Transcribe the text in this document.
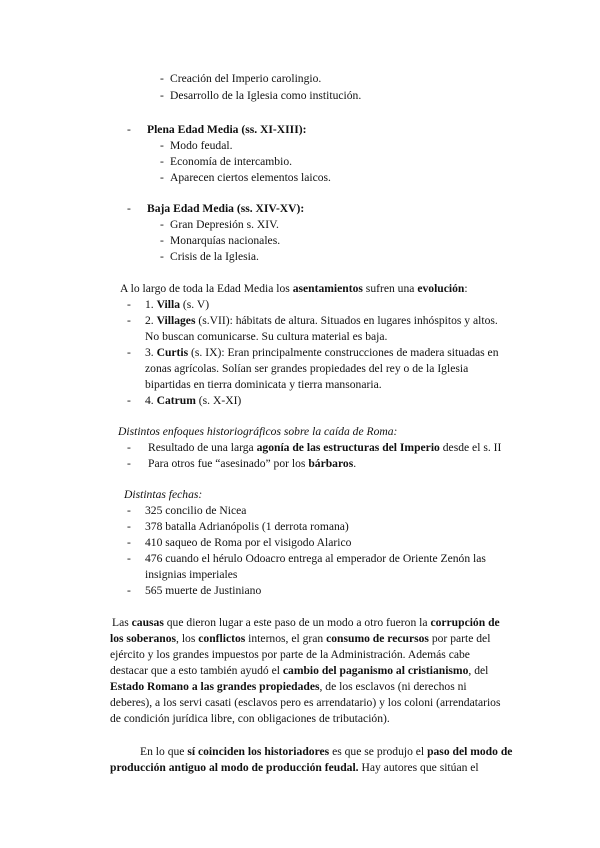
- Creación del Imperio carolingio.
- Desarrollo de la Iglesia como institución.
- Plena Edad Media (ss. XI-XIII):
- Modo feudal.
- Economía de intercambio.
- Aparecen ciertos elementos laicos.
- Baja Edad Media (ss. XIV-XV):
- Gran Depresión s. XIV.
- Monarquías nacionales.
- Crisis de la Iglesia.
A lo largo de toda la Edad Media los asentamientos sufren una evolución:
- 1. Villa (s. V)
- 2. Villages (s.VII): hábitats de altura. Situados en lugares inhóspitos y altos.
No buscan comunicarse. Su cultura material es baja.
- 3. Curtis (s. IX): Eran principalmente construcciones de madera situadas en
zonas agrícolas. Solían ser grandes propiedades del rey o de la Iglesia
bipartidas en tierra dominicata y tierra mansonaria.
- 4. Catrum (s. X-XI)
Distintos enfoques historiográficos sobre la caída de Roma:
- Resultado de una larga agonía de las estructuras del Imperio desde el s. II
- Para otros fue “asesinado” por los bárbaros.
Distintas fechas:
- 325 concilio de Nicea
- 378 batalla Adrianópolis (1 derrota romana)
- 410 saqueo de Roma por el visigodo Alarico
- 476 cuando el hérulo Odoacro entrega al emperador de Oriente Zenón las
insignias imperiales
- 565 muerte de Justiniano
Las causas que dieron lugar a este paso de un modo a otro fueron la corrupción de
los soberanos, los conflictos internos, el gran consumo de recursos por parte del
ejército y los grandes impuestos por parte de la Administración. Además cabe
destacar que a esto también ayudó el cambio del paganismo al cristianismo, del
Estado Romano a las grandes propiedades, de los esclavos (ni derechos ni
deberes), a los servi casati (esclavos pero es arrendatario) y los coloni (arrendatarios
de condición jurídica libre, con obligaciones de tributación).
En lo que sí coinciden los historiadores es que se produjo el paso del modo de
producción antiguo al modo de producción feudal. Hay autores que sitúan el
